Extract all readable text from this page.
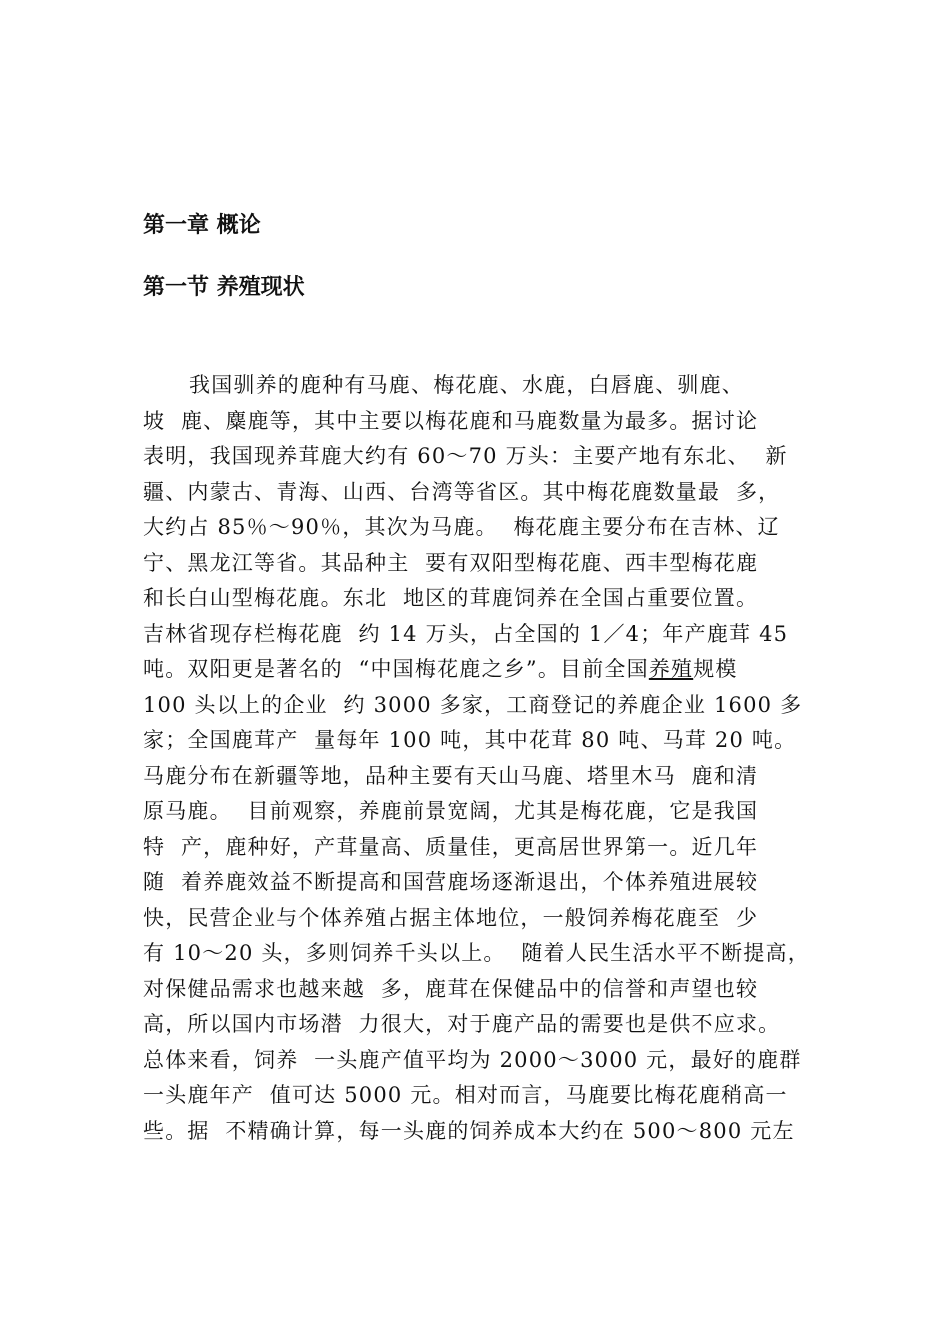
第一章 概论
第一节 养殖现状
我国驯养的鹿种有马鹿、梅花鹿、水鹿，白唇鹿、驯鹿、
坡  鹿、麋鹿等，其中主要以梅花鹿和马鹿数量为最多。据讨论
表明，我国现养茸鹿大约有 60～70 万头：主要产地有东北、  新
疆、内蒙古、青海、山西、台湾等省区。其中梅花鹿数量最  多，
大约占 85％～90％，其次为马鹿。  梅花鹿主要分布在吉林、辽
宁、黑龙江等省。其品种主  要有双阳型梅花鹿、西丰型梅花鹿
和长白山型梅花鹿。东北  地区的茸鹿饲养在全国占重要位置。
吉林省现存栏梅花鹿  约 14 万头，占全国的 1／4；年产鹿茸 45
吨。双阳更是著名的  “中国梅花鹿之乡”。目前全国养殖规模
100 头以上的企业  约 3000 多家，工商登记的养鹿企业 1600 多
家；全国鹿茸产  量每年 100 吨，其中花茸 80 吨、马茸 20 吨。
马鹿分布在新疆等地，品种主要有天山马鹿、塔里木马  鹿和清
原马鹿。  目前观察，养鹿前景宽阔，尤其是梅花鹿，它是我国
特  产，鹿种好，产茸量高、质量佳，更高居世界第一。近几年
随  着养鹿效益不断提高和国营鹿场逐渐退出，个体养殖进展较
快，民营企业与个体养殖占据主体地位，一般饲养梅花鹿至  少
有 10～20 头，多则饲养千头以上。  随着人民生活水平不断提高，
对保健品需求也越来越  多，鹿茸在保健品中的信誉和声望也较
高，所以国内市场潜  力很大，对于鹿产品的需要也是供不应求。
总体来看，饲养  一头鹿产值平均为 2000～3000 元，最好的鹿群
一头鹿年产  值可达 5000 元。相对而言，马鹿要比梅花鹿稍高一
些。据  不精确计算，每一头鹿的饲养成本大约在 500～800 元左
